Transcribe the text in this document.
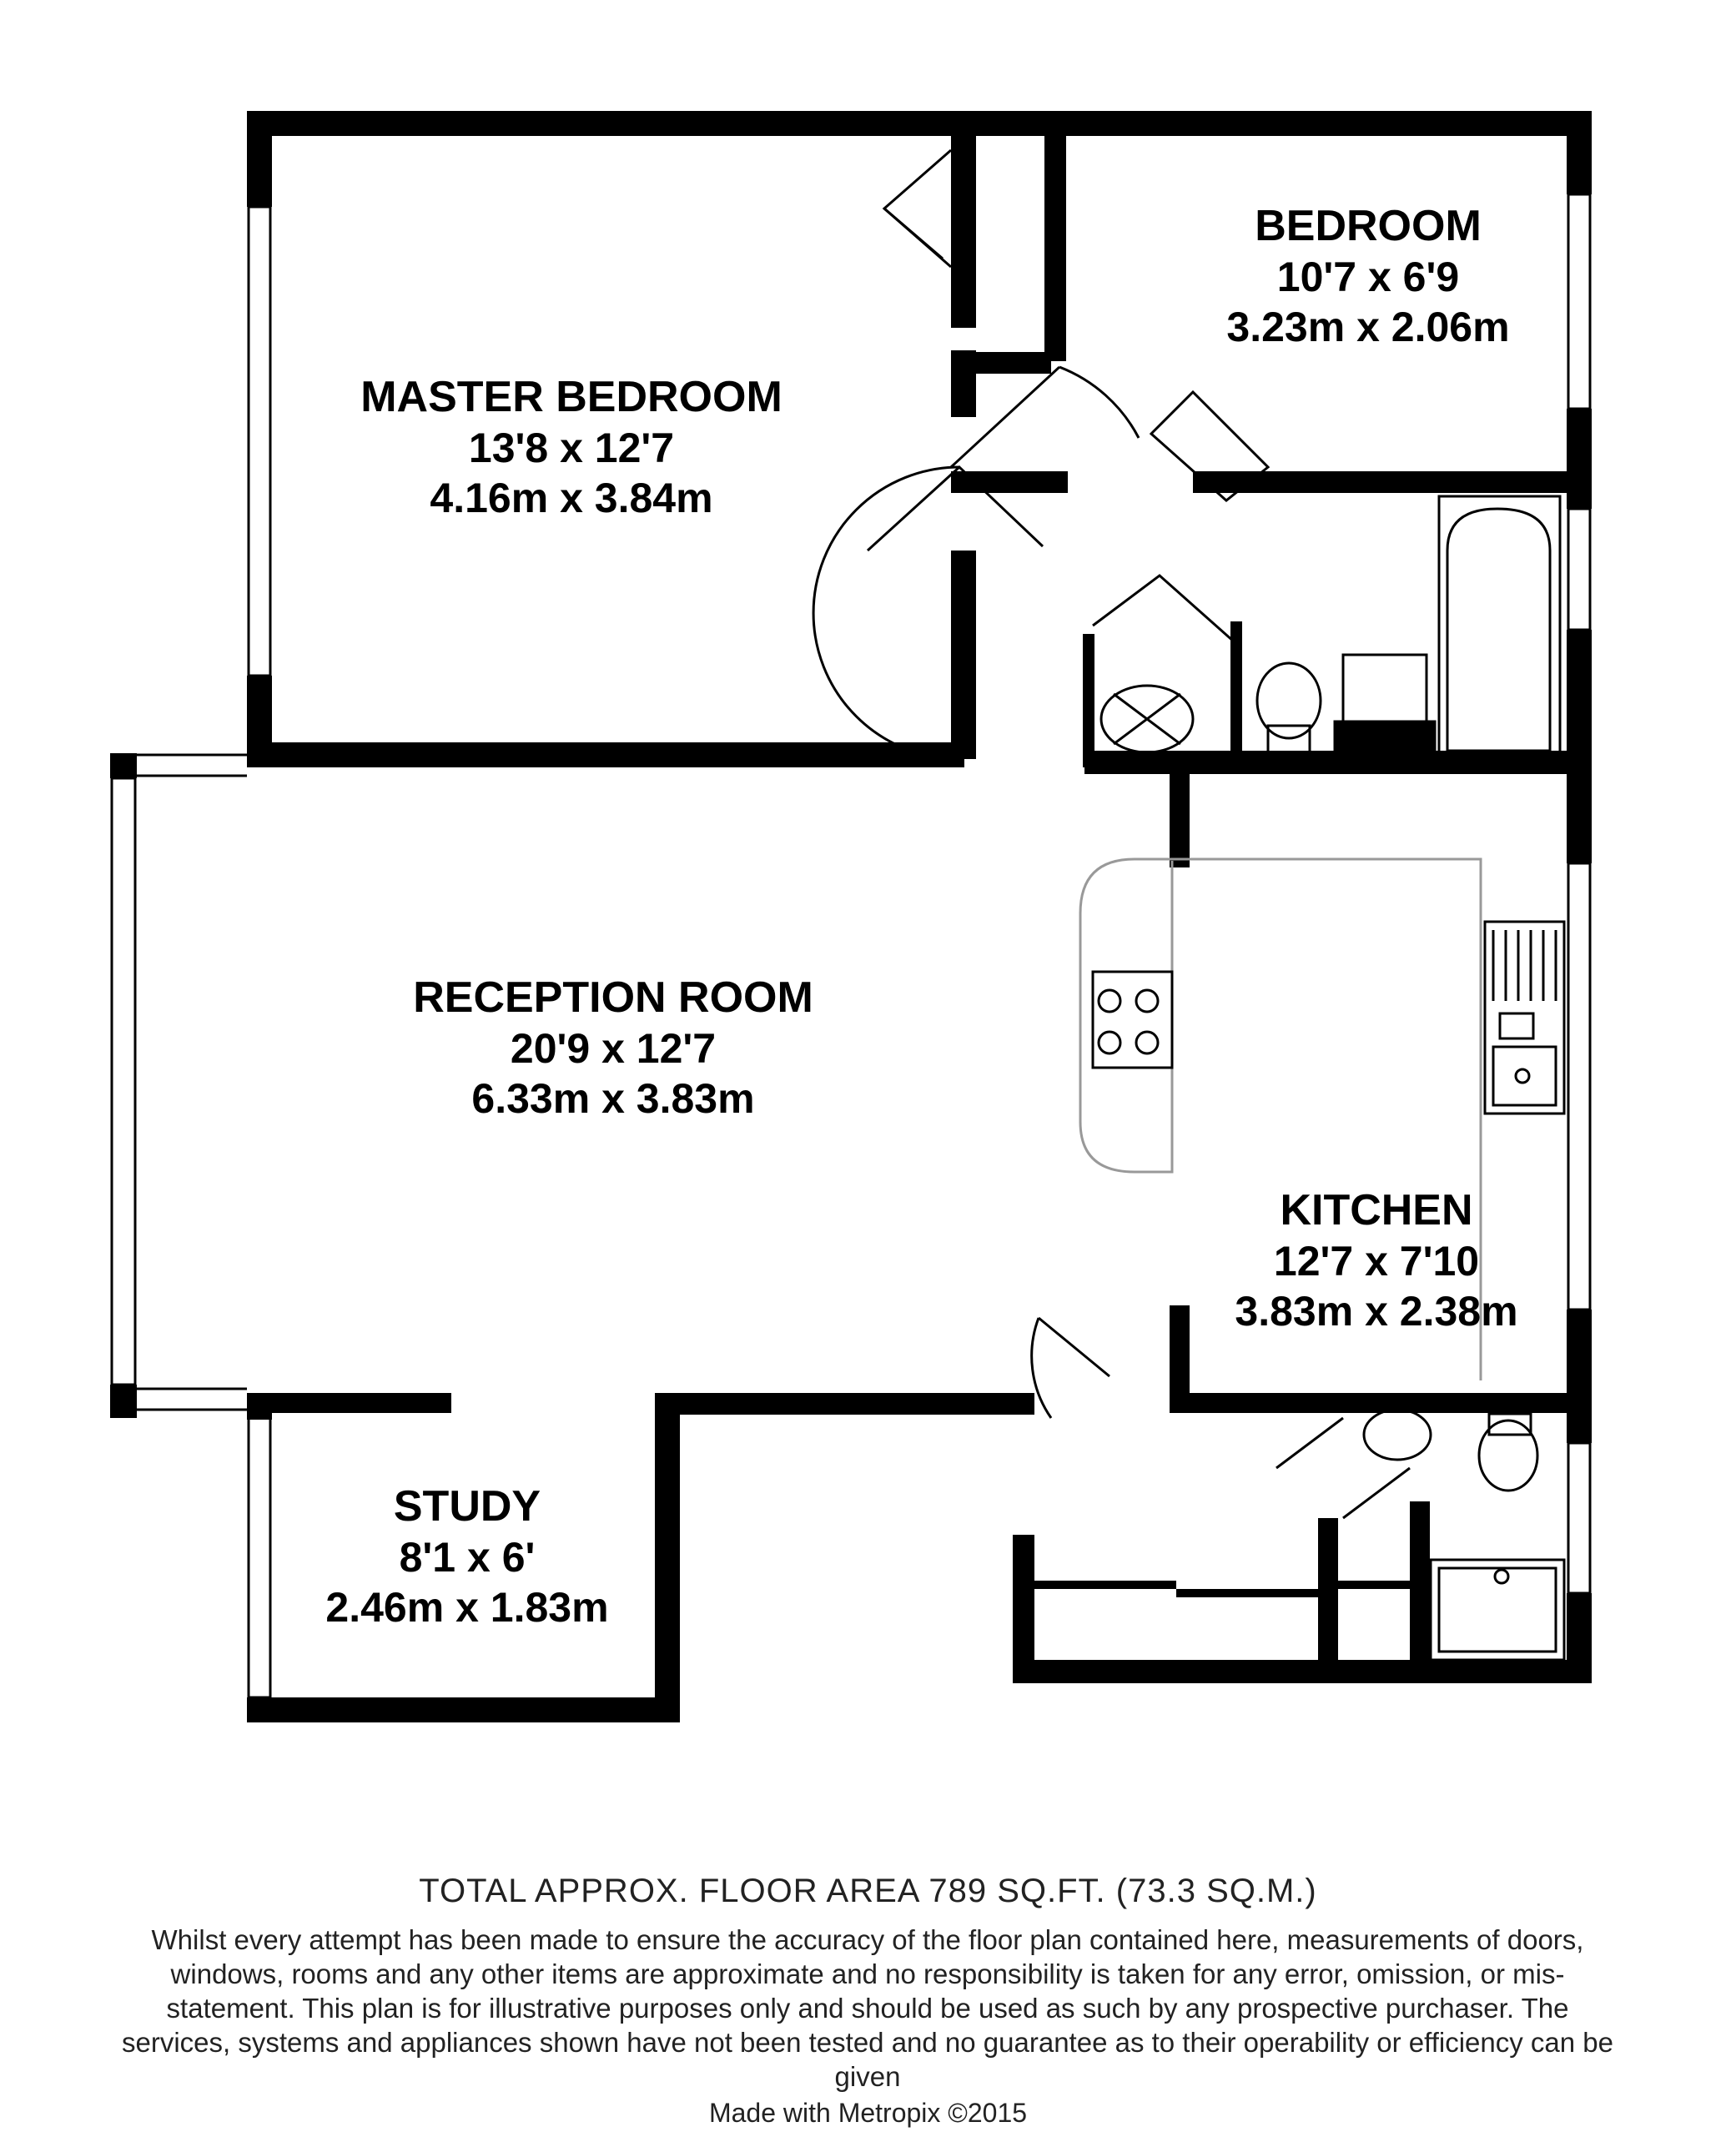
MASTER BEDROOM
13'8 x 12'7
4.16m x 3.84m
BEDROOM
10'7 x 6'9
3.23m x 2.06m
RECEPTION ROOM
20'9 x 12'7
6.33m x 3.83m
KITCHEN
12'7 x 7'10
3.83m x 2.38m
STUDY
8'1 x 6'
2.46m x 1.83m
TOTAL APPROX. FLOOR AREA 789 SQ.FT. (73.3 SQ.M.)
Whilst every attempt has been made to ensure the accuracy of the floor plan contained here, measurements of doors, windows, rooms and any other items are approximate and no responsibility is taken for any error, omission, or mis-statement. This plan is for illustrative purposes only and should be used as such by any prospective purchaser. The services, systems and appliances shown have not been tested and no guarantee as to their operability or efficiency can be given
Made with Metropix ©2015
